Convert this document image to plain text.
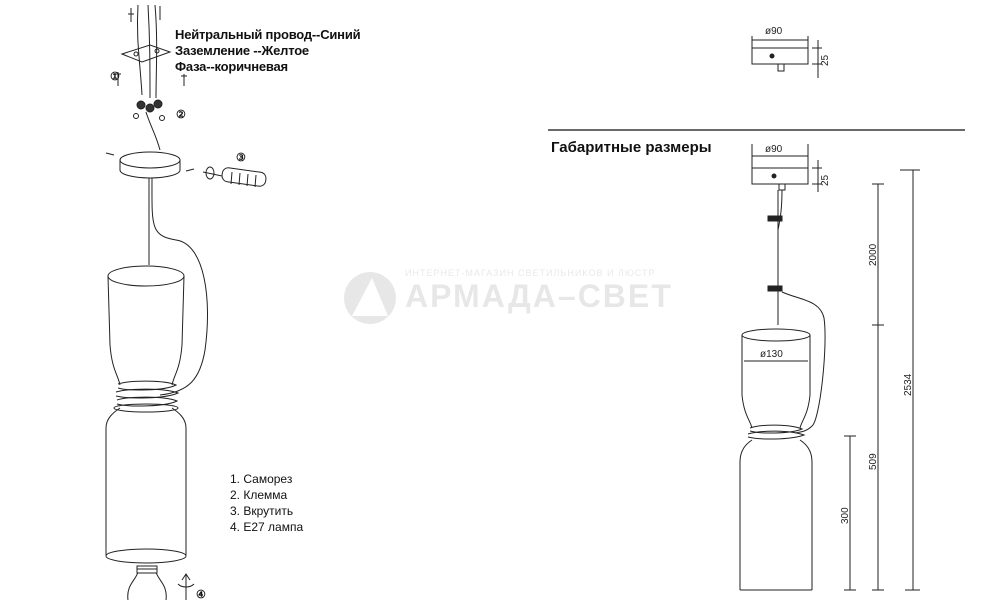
①
②
③
④
ø90
25
ø90
25
2000
2534
ø130
509
300
Нейтральный провод--Синий
Заземление --Желтое
Фаза--коричневая
1. Саморез
2. Клемма
3. Вкрутить
4. E27 лампа
Габаритные размеры
ИНТЕРНЕТ-МАГАЗИН СВЕТИЛЬНИКОВ И ЛЮСТР
АРМАДА–СВЕТ
